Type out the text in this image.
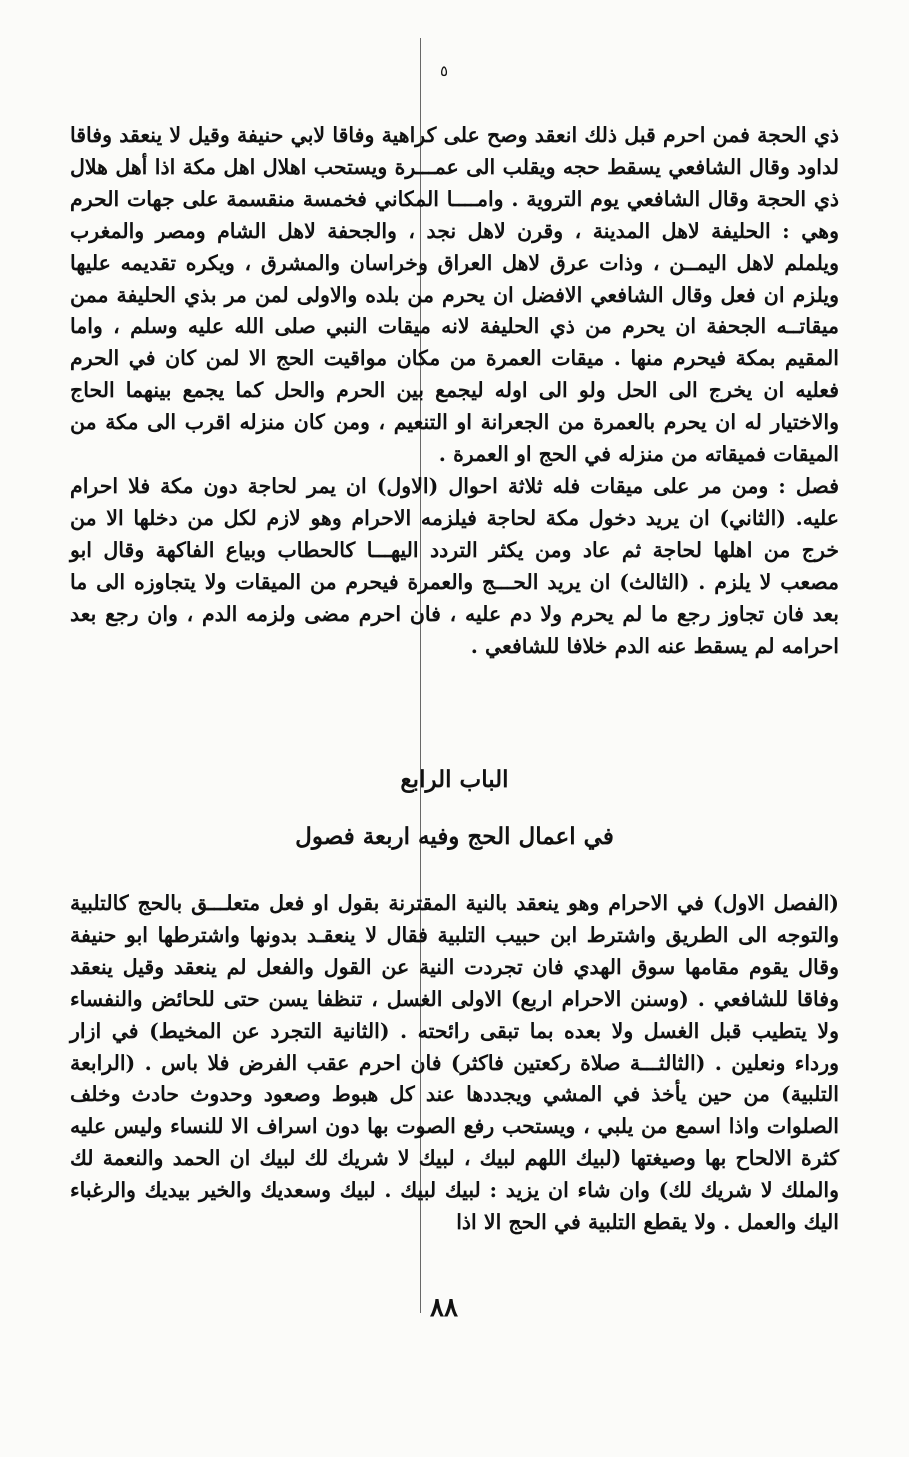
٥

ذي الحجة فمن احرم قبل ذلك انعقد وصح على كراهية وفاقا لابي حنيفة وقيل لا ينعقد وفاقا لداود وقال الشافعي يسقط حجه ويقلب الى عمـــرة ويستحب اهلال اهل مكة اذا أهل هلال ذي الحجة وقال الشافعي يوم التروية . وامــــا المكاني فخمسة منقسمة على جهات الحرم وهي : الحليفة لاهل المدينة ، وقرن لاهل نجد ، والجحفة لاهل الشام ومصر والمغرب ويلملم لاهل اليمــن ، وذات عرق لاهل العراق وخراسان والمشرق ، ويكره تقديمه عليها ويلزم ان فعل وقال الشافعي الافضل ان يحرم من بلده والاولى لمن مر بذي الحليفة ممن ميقاتــه الجحفة ان يحرم من ذي الحليفة لانه ميقات النبي صلى الله عليه وسلم ، واما المقيم بمكة فيحرم منها . ميقات العمرة من مكان مواقيت الحج الا لمن كان في الحرم فعليه ان يخرج الى الحل ولو الى اوله ليجمع بين الحرم والحل كما يجمع بينهما الحاج والاختيار له ان يحرم بالعمرة من الجعرانة او التنعيم ، ومن كان منزله اقرب الى مكة من الميقات فميقاته من منزله في الحج او العمرة .

فصل : ومن مر على ميقات فله ثلاثة احوال (الاول) ان يمر لحاجة دون مكة فلا احرام عليه. (الثاني) ان يريد دخول مكة لحاجة فيلزمه الاحرام وهو لازم لكل من دخلها الا من خرج من اهلها لحاجة ثم عاد ومن يكثر التردد اليهـــا كالحطاب وبياع الفاكهة وقال ابو مصعب لا يلزم . (الثالث) ان يريد الحـــج والعمرة فيحرم من الميقات ولا يتجاوزه الى ما بعد فان تجاوز رجع ما لم يحرم ولا دم عليه ، فان احرم مضى ولزمه الدم ، وان رجع بعد احرامه لم يسقط عنه الدم خلافا للشافعي .

الباب الرابع
في اعمال الحج وفيه اربعة فصول

(الفصل الاول) في الاحرام وهو ينعقد بالنية المقترنة بقول او فعل متعلـــق بالحج كالتلبية والتوجه الى الطريق واشترط ابن حبيب التلبية فقال لا ينعقـد بدونها واشترطها ابو حنيفة وقال يقوم مقامها سوق الهدي فان تجردت النية عن القول والفعل لم ينعقد وقيل ينعقد وفاقا للشافعي . (وسنن الاحرام اربع) الاولى الغسل ، تنظفا يسن حتى للحائض والنفساء ولا يتطيب قبل الغسل ولا بعده بما تبقى رائحته . (الثانية التجرد عن المخيط) في ازار ورداء ونعلين . (الثالثـــة صلاة ركعتين فاكثر) فان احرم عقب الفرض فلا باس . (الرابعة التلبية) من حين يأخذ في المشي ويجددها عند كل هبوط وصعود وحدوث حادث وخلف الصلوات واذا اسمع من يلبي ، ويستحب رفع الصوت بها دون اسراف الا للنساء وليس عليه كثرة الالحاح بها وصيغتها (لبيك اللهم لبيك ، لبيك لا شريك لك لبيك ان الحمد والنعمة لك والملك لا شريك لك) وان شاء ان يزيد : لبيك لبيك . لبيك وسعديك والخير بيديك والرغباء اليك والعمل . ولا يقطع التلبية في الحج الا اذا

٨٨
